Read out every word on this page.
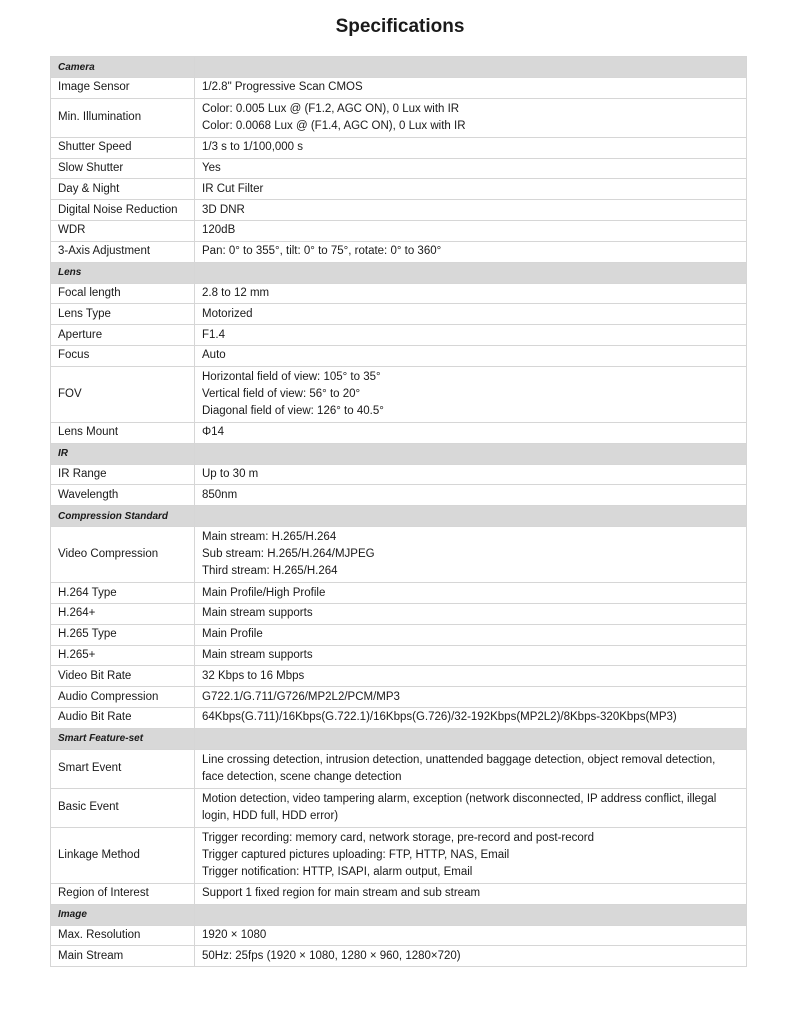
Specifications
Camera	
Image Sensor	1/2.8" Progressive Scan CMOS

Min. Illumination	Color: 0.005 Lux @ (F1.2, AGC ON), 0 Lux with IR
Color: 0.0068 Lux @ (F1.4, AGC ON), 0 Lux with IR

Shutter Speed	1/3 s to 1/100,000 s

Slow Shutter	Yes

Day & Night	IR Cut Filter

Digital Noise Reduction	3D DNR

WDR	120dB

3-Axis Adjustment	Pan: 0° to 355°, tilt: 0° to 75°, rotate: 0° to 360°

Lens	
Focal length	2.8 to 12 mm

Lens Type	Motorized

Aperture	F1.4

Focus	Auto

FOV	Horizontal field of view: 105° to 35°
Vertical field of view: 56° to 20°
Diagonal field of view: 126° to 40.5°

Lens Mount	Φ14

IR	
IR Range	Up to 30 m

Wavelength	850nm

Compression Standard	
Video Compression	Main stream: H.265/H.264
Sub stream: H.265/H.264/MJPEG
Third stream: H.265/H.264

H.264 Type	Main Profile/High Profile

H.264+	Main stream supports

H.265 Type	Main Profile

H.265+	Main stream supports

Video Bit Rate	32 Kbps to 16 Mbps

Audio Compression	G722.1/G.711/G726/MP2L2/PCM/MP3

Audio Bit Rate	64Kbps(G.711)/16Kbps(G.722.1)/16Kbps(G.726)/32-192Kbps(MP2L2)/8Kbps-320Kbps(MP3)

Smart Feature-set	
Smart Event	Line crossing detection, intrusion detection, unattended baggage detection, object removal detection,
face detection, scene change detection

Basic Event	Motion detection, video tampering alarm, exception (network disconnected, IP address conflict, illegal
login, HDD full, HDD error)

Linkage Method	Trigger recording: memory card, network storage, pre-record and post-record
Trigger captured pictures uploading: FTP, HTTP, NAS, Email
Trigger notification: HTTP, ISAPI, alarm output, Email

Region of Interest	Support 1 fixed region for main stream and sub stream

Image	
Max. Resolution	1920 × 1080

Main Stream	50Hz: 25fps (1920 × 1080, 1280 × 960, 1280×720)
